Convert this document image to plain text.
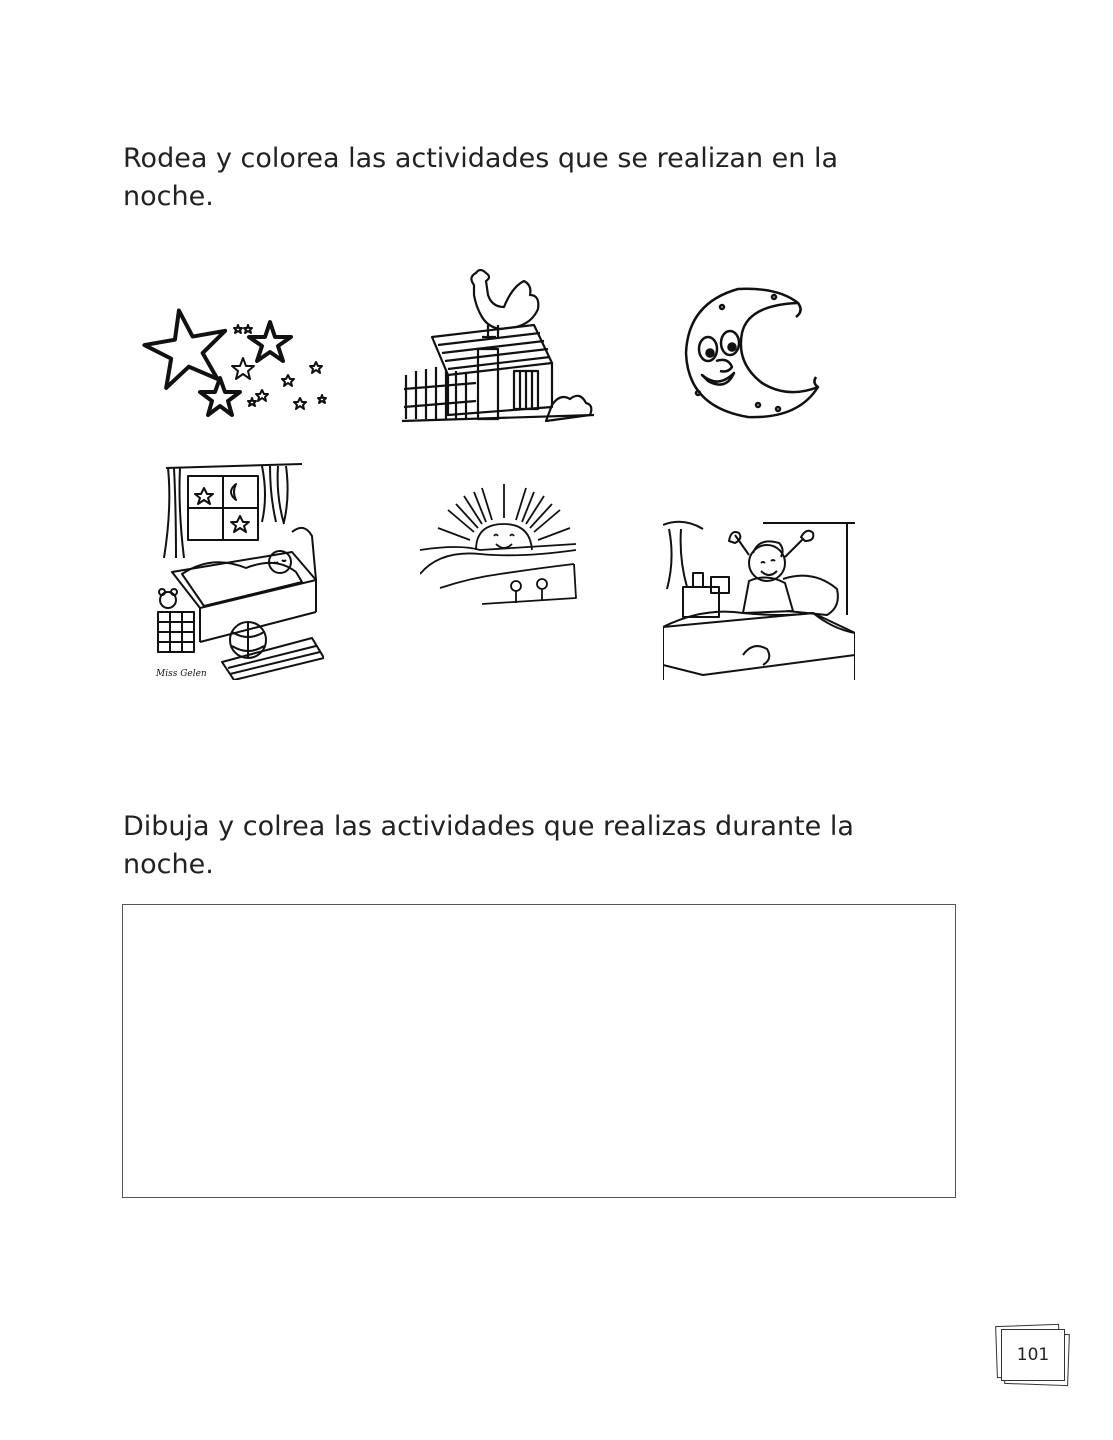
Rodea y colorea las actividades que se realizan en la noche.
Miss Gelen
Dibuja y colrea las actividades que realizas durante la noche.
101
